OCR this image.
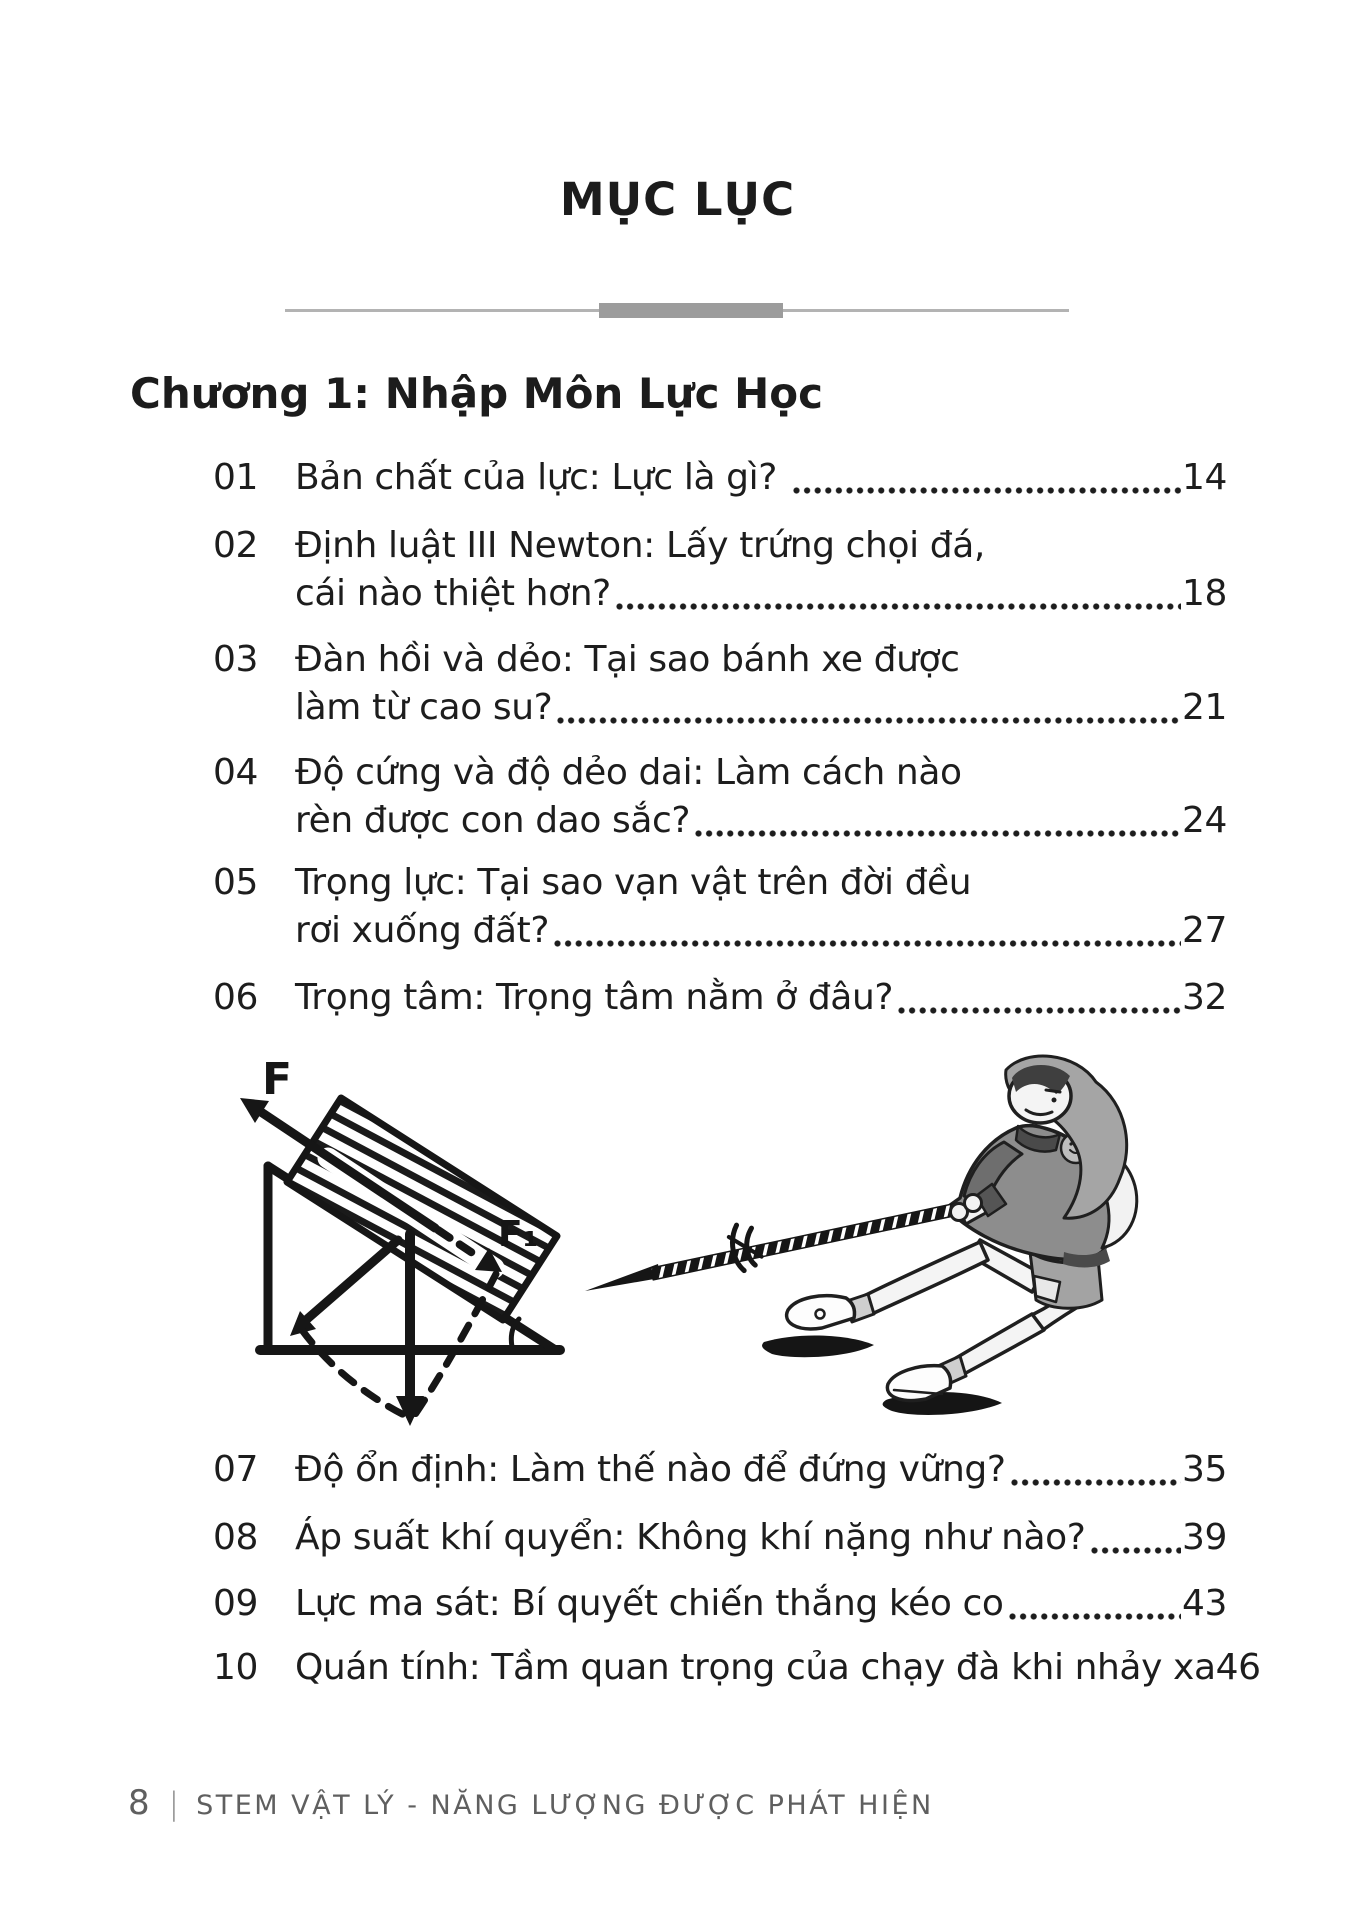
MỤC LỤC
Chương 1: Nhập Môn Lực Học
01 Bản chất của lực: Lực là gì?	14
02 Định luật III Newton: Lấy trứng chọi đá,
cái nào thiệt hơn?	18
03 Đàn hồi và dẻo: Tại sao bánh xe được
làm từ cao su?	21
04 Độ cứng và độ dẻo dai: Làm cách nào
rèn được con dao sắc?	24
05 Trọng lực: Tại sao vạn vật trên đời đều
rơi xuống đất?	27
06 Trọng tâm: Trọng tâm nằm ở đâu?	32
F
F₁
07 Độ ổn định: Làm thế nào để đứng vững?	35
08 Áp suất khí quyển: Không khí nặng như nào?	39
09 Lực ma sát: Bí quyết chiến thắng kéo co	43
10 Quán tính: Tầm quan trọng của chạy đà khi nhảy xa 46
8 | STEM VẬT LÝ - NĂNG LƯỢNG ĐƯỢC PHÁT HIỆN
